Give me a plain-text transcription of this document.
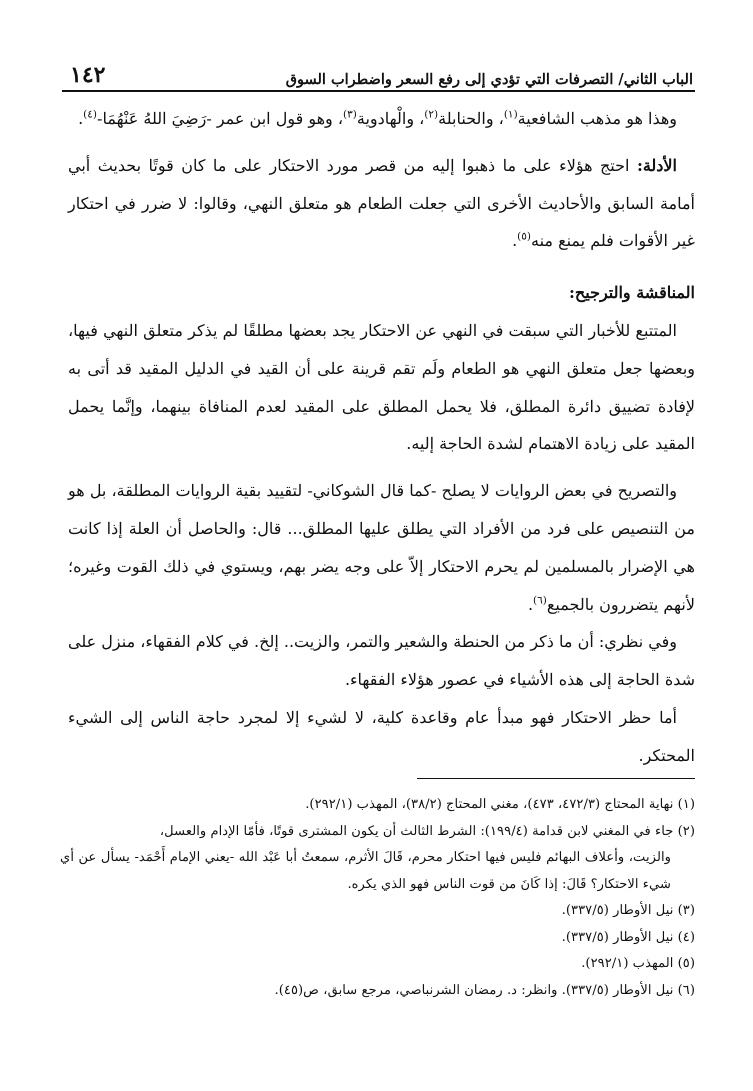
الباب الثاني/ التصرفات التي تؤدي إلى رفع السعر واضطراب السوق
١٤٢

وهذا هو مذهب الشافعية$^{(١)}$، والحنابلة$^{(٢)}$، والْهادوية$^{(٣)}$، وهو قول ابن عمر -رَضِيَ اللهُ عَنْهُمَا-$^{(٤)}$.

الأدلة: احتج هؤلاء على ما ذهبوا إليه من قصر مورد الاحتكار على ما كان قوتًا بحديث أبي أمامة السابق والأحاديث الأخرى التي جعلت الطعام هو متعلق النهي، وقالوا: لا ضرر في احتكار غير الأقوات فلم يمنع منه$^{(٥)}$.

المناقشة والترجيح:

المتتبع للأخبار التي سبقت في النهي عن الاحتكار يجد بعضها مطلقًا لم يذكر متعلق النهي فيها، وبعضها جعل متعلق النهي هو الطعام ولَم تقم قرينة على أن القيد في الدليل المقيد قد أتى به لإفادة تضييق دائرة المطلق، فلا يحمل المطلق على المقيد لعدم المنافاة بينهما، وإنَّما يحمل المقيد على زيادة الاهتمام لشدة الحاجة إليه.

والتصريح في بعض الروايات لا يصلح -كما قال الشوكاني- لتقييد بقية الروايات المطلقة، بل هو من التنصيص على فرد من الأفراد التي يطلق عليها المطلق... قال: والحاصل أن العلة إذا كانت هي الإضرار بالمسلمين لم يحرم الاحتكار إلاّ على وجه يضر بهم، ويستوي في ذلك القوت وغيره؛ لأنهم يتضررون بالجميع$^{(٦)}$.

وفي نظري: أن ما ذكر من الحنطة والشعير والتمر، والزيت.. إلخ. في كلام الفقهاء، منزل على شدة الحاجة إلى هذه الأشياء في عصور هؤلاء الفقهاء.

أما حظر الاحتكار فهو مبدأ عام وقاعدة كلية، لا لشيء إلا لمجرد حاجة الناس إلى الشيء المحتكر.

(١) نهاية المحتاج (٤٧٢/٣، ٤٧٣)، مغني المحتاج (٣٨/٢)، المهذب (٢٩٢/١).

(٢) جاء في المغني لابن قدامة (١٩٩/٤): الشرط الثالث أن يكون المشترى قوتًا، فأمّا الإدام والعسل،

والزيت، وأعلاف البهائم فليس فيها احتكار محرم، قَالَ الأثرم، سمعتُ أبا عَبْد الله -يعني الإمام أَحْمَد- يسأل عن أي شيء الاحتكار؟ قَالَ: إذا كَانَ من قوت الناس فهو الذي يكره.

(٣) نيل الأوطار (٣٣٧/٥).

(٤) نيل الأوطار (٣٣٧/٥).

(٥) المهذب (٢٩٢/١).

(٦) نيل الأوطار (٣٣٧/٥). وانظر: د. رمضان الشرنباصي، مرجع سابق، ص(٤٥).
